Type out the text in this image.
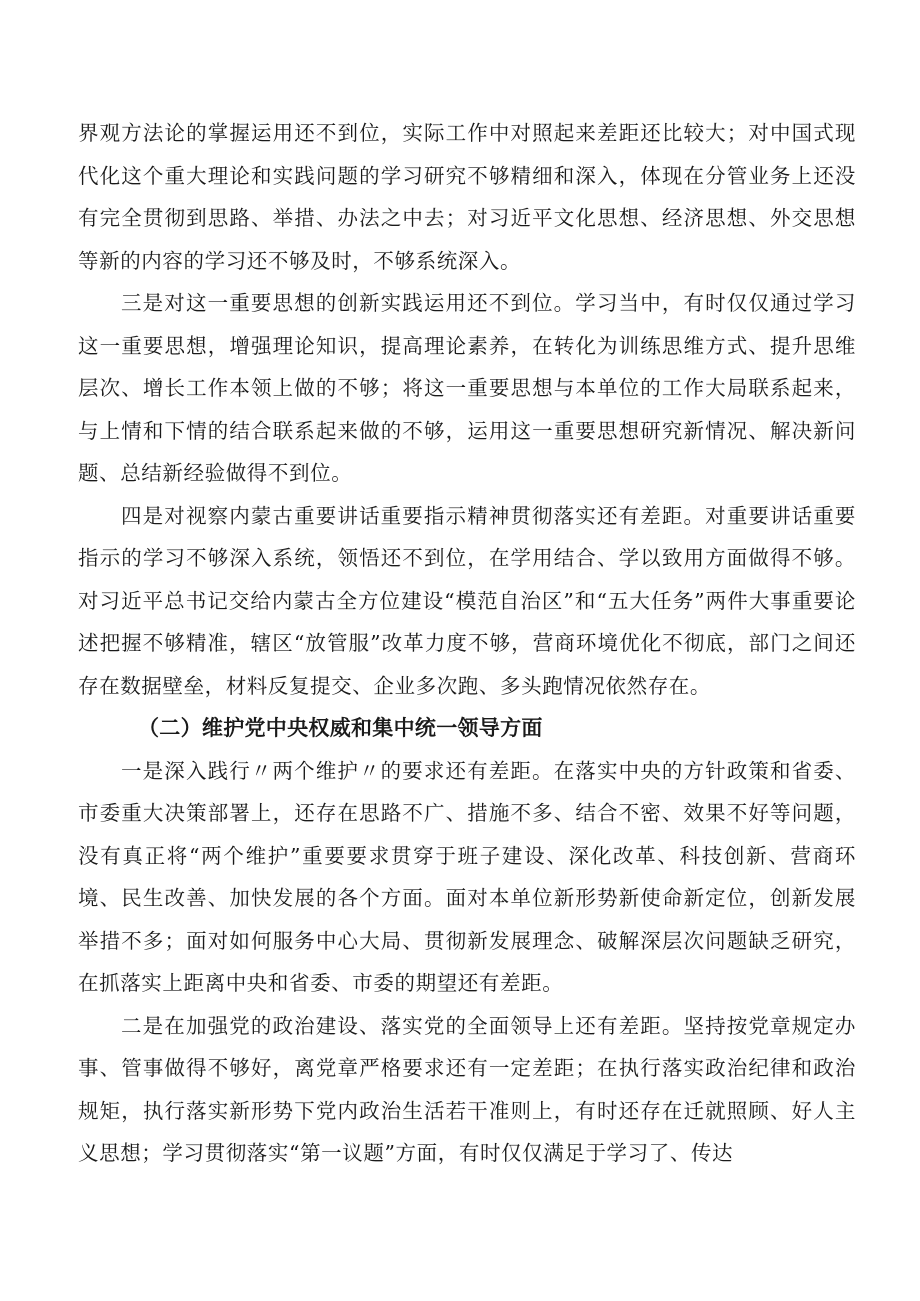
界观方法论的掌握运用还不到位，实际工作中对照起来差距还比较大；对中国式现代化这个重大理论和实践问题的学习研究不够精细和深入，体现在分管业务上还没有完全贯彻到思路、举措、办法之中去；对习近平文化思想、经济思想、外交思想等新的内容的学习还不够及时，不够系统深入。

三是对这一重要思想的创新实践运用还不到位。学习当中，有时仅仅通过学习这一重要思想，增强理论知识，提高理论素养，在转化为训练思维方式、提升思维层次、增长工作本领上做的不够；将这一重要思想与本单位的工作大局联系起来，与上情和下情的结合联系起来做的不够，运用这一重要思想研究新情况、解决新问题、总结新经验做得不到位。

四是对视察内蒙古重要讲话重要指示精神贯彻落实还有差距。对重要讲话重要指示的学习不够深入系统，领悟还不到位，在学用结合、学以致用方面做得不够。对习近平总书记交给内蒙古全方位建设“模范自治区”和“五大任务”两件大事重要论述把握不够精准，辖区“放管服”改革力度不够，营商环境优化不彻底，部门之间还存在数据壁垒，材料反复提交、企业多次跑、多头跑情况依然存在。

（二）维护党中央权威和集中统一领导方面

一是深入践行〃两个维护〃的要求还有差距。在落实中央的方针政策和省委、市委重大决策部署上，还存在思路不广、措施不多、结合不密、效果不好等问题，没有真正将“两个维护”重要要求贯穿于班子建设、深化改革、科技创新、营商环境、民生改善、加快发展的各个方面。面对本单位新形势新使命新定位，创新发展举措不多；面对如何服务中心大局、贯彻新发展理念、破解深层次问题缺乏研究，在抓落实上距离中央和省委、市委的期望还有差距。

二是在加强党的政治建设、落实党的全面领导上还有差距。坚持按党章规定办事、管事做得不够好，离党章严格要求还有一定差距；在执行落实政治纪律和政治规矩，执行落实新形势下党内政治生活若干准则上，有时还存在迁就照顾、好人主义思想；学习贯彻落实“第一议题”方面，有时仅仅满足于学习了、传达
